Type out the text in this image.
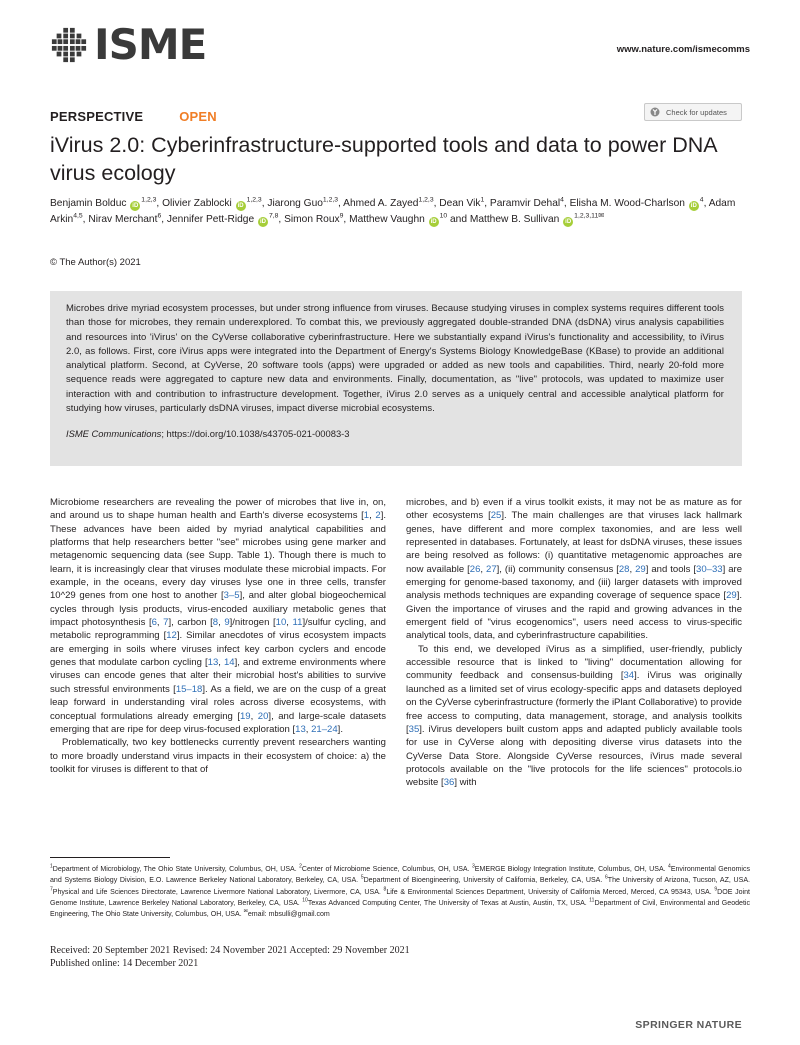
ISME	www.nature.com/ismecomms
PERSPECTIVE	OPEN	Check for updates
iVirus 2.0: Cyberinfrastructure-supported tools and data to power DNA virus ecology
Benjamin Bolduc iD$^{1,2,3}$, Olivier Zablocki iD$^{1,2,3}$, Jiarong Guo$^{1,2,3}$, Ahmed A. Zayed$^{1,2,3}$, Dean Vik$^1$, Paramvir Dehal$^4$, Elisha M. Wood-Charlson $iD^4$, Adam Arkin$^{4,5}$, Nirav Merchant$^6$, Jennifer Pett-Ridge iD$^{7,8}$, Simon Roux$^9$, Matthew Vaughn $iD^{10}$ and Matthew B. Sullivan $iD^{1,2,3,11✉}$
© The Author(s) 2021

Microbes drive myriad ecosystem processes, but under strong influence from viruses. Because studying viruses in complex systems requires different tools than those for microbes, they remain underexplored. To combat this, we previously aggregated double-stranded DNA (dsDNA) virus analysis capabilities and resources into 'iVirus' on the CyVerse collaborative cyberinfrastructure. Here we substantially expand iVirus's functionality and accessibility, to iVirus 2.0, as follows. First, core iVirus apps were integrated into the Department of Energy's Systems Biology KnowledgeBase (KBase) to provide an additional analytical platform. Second, at CyVerse, 20 software tools (apps) were upgraded or added as new tools and capabilities. Third, nearly 20-fold more sequence reads were aggregated to capture new data and environments. Finally, documentation, as "live" protocols, was updated to maximize user interaction with and contribution to infrastructure development. Together, iVirus 2.0 serves as a uniquely central and accessible analytical platform for studying how viruses, particularly dsDNA viruses, impact diverse microbial ecosystems.

ISME Communications; https://doi.org/10.1038/s43705-021-00083-3

Microbiome researchers are revealing the power of microbes that live in, on, and around us to shape human health and Earth's diverse ecosystems [1, 2]. These advances have been aided by myriad analytical capabilities and platforms that help researchers better "see" microbes using gene marker and metagenomic sequencing data (see Supp. Table 1). Though there is much to learn, it is increasingly clear that viruses modulate these microbial impacts. For example, in the oceans, every day viruses lyse one in three cells, transfer 10^29 genes from one host to another [3–5], and alter global biogeochemical cycles through lysis products, virus-encoded auxiliary metabolic genes that impact photosynthesis [6, 7], carbon [8, 9]/nitrogen [10, 11]/sulfur cycling, and metabolic reprogramming [12]. Similar anecdotes of virus ecosystem impacts are emerging in soils where viruses infect key carbon cyclers and encode genes that modulate carbon cycling [13, 14], and extreme environments where viruses can encode genes that alter their microbial host's abilities to survive such stressful environments [15–18]. As a field, we are on the cusp of a great leap forward in understanding viral roles across diverse ecosystems, with conceptual formulations already emerging [19, 20], and large-scale datasets emerging that are ripe for deep virus-focused exploration [13, 21–24].

Problematically, two key bottlenecks currently prevent researchers wanting to more broadly understand virus impacts in their ecosystem of choice: a) the toolkit for viruses is different to that of

microbes, and b) even if a virus toolkit exists, it may not be as mature as for other ecosystems [25]. The main challenges are that viruses lack hallmark genes, have different and more complex taxonomies, and are less well represented in databases. Fortunately, at least for dsDNA viruses, these issues are being resolved as follows: (i) quantitative metagenomic approaches are now available [26, 27], (ii) community consensus [28, 29] and tools [30–33] are emerging for genome-based taxonomy, and (iii) larger datasets with improved analysis methods techniques are expanding coverage of sequence space [29]. Given the importance of viruses and the rapid and growing advances in the emergent field of "virus ecogenomics", users need access to virus-specific analytical tools, data, and cyberinfrastructure capabilities.

To this end, we developed iVirus as a simplified, user-friendly, publicly accessible resource that is linked to "living" documentation allowing for community feedback and consensus-building [34]. iVirus was originally launched as a limited set of virus ecology-specific apps and datasets deployed on the CyVerse cyberinfrastructure (formerly the iPlant Collaborative) to provide free access to computing, data management, storage, and analysis toolkits [35]. iVirus developers built custom apps and adapted publicly available tools for use in CyVerse along with depositing diverse virus datasets into the CyVerse Data Store. Alongside CyVerse resources, iVirus made several protocols available on the "live protocols for the life sciences" protocols.io website [36] with

$^1$Department of Microbiology, The Ohio State University, Columbus, OH, USA. $^2$Center of Microbiome Science, Columbus, OH, USA. $^3$EMERGE Biology Integration Institute, Columbus, OH, USA. $^4$Environmental Genomics and Systems Biology Division, E.O. Lawrence Berkeley National Laboratory, Berkeley, CA, USA. $^5$Department of Bioengineering, University of California, Berkeley, CA, USA. $^6$The University of Arizona, Tucson, AZ, USA. $^7$Physical and Life Sciences Directorate, Lawrence Livermore National Laboratory, Livermore, CA, USA. $^8$Life & Environmental Sciences Department, University of California Merced, Merced, CA 95343, USA. $^9$DOE Joint Genome Institute, Lawrence Berkeley National Laboratory, Berkeley, CA, USA. $^{10}$Texas Advanced Computing Center, The University of Texas at Austin, Austin, TX, USA. $^{11}$Department of Civil, Environmental and Geodetic Engineering, The Ohio State University, Columbus, OH, USA. ✉email: mbsulli@gmail.com
Received: 20 September 2021 Revised: 24 November 2021 Accepted: 29 November 2021
Published online: 14 December 2021
SPRINGER NATURE
